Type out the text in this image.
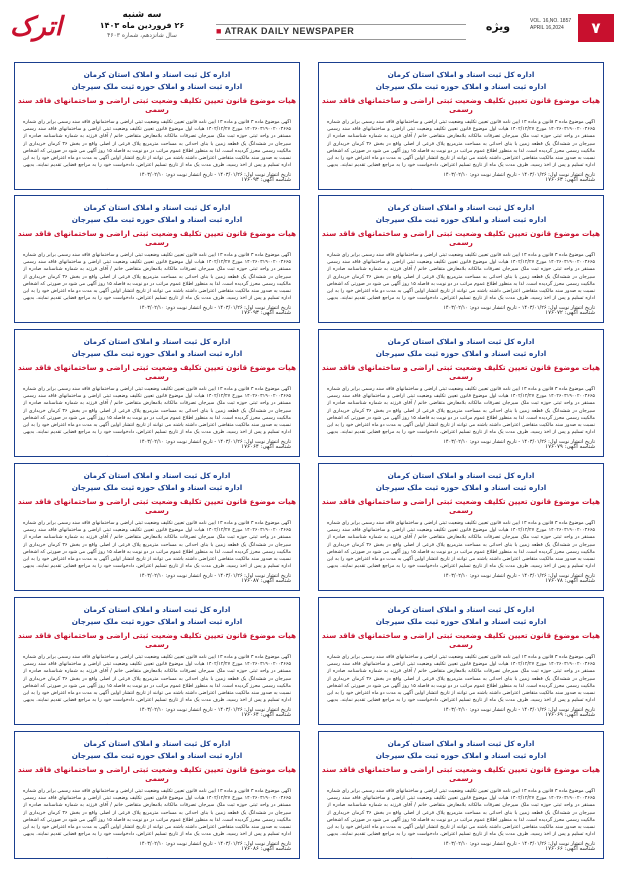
اترک	سه شنبه
۲۶ فروردین ماه ۱۴۰۳
سال شانزدهم، شماره ۴۶۰۳	■ ATRAK DAILY NEWSPAPER	ویژه	VOL. 16,NO. 1857
APRIL 16,2024	۷
اداره کل ثبت اسناد و املاک استان کرمان
اداره ثبت اسناد و املاک حوزه ثبت ملک سیرجان
هیات موضوع قانون تعیین تکلیف وضعیت ثبتی اراضی و ساختمانهای فاقد سند رسمی
آگهی موضوع ماده ۳ قانون و ماده ۱۳ آیین نامه قانون تعیین تکلیف وضعیت ثبتی اراضی و ساختمانهای فاقد سند رسمی برابر رای شماره ۱۴۰۲۶۰۳۱۹۰۰۲۰۰۳۶۶۵ مورخ ۱۴۰۲/۱۲/۲۷ هیات اول موضوع قانون تعیین تکلیف وضعیت ثبتی اراضی و ساختمانهای فاقد سند رسمی مستقر در واحد ثبتی حوزه ثبت ملک سیرجان تصرفات مالکانه بلامعارض متقاضی خانم / آقای فرزند به شماره شناسنامه صادره از سیرجان در ششدانگ یک قطعه زمین با بنای احداثی به مساحت مترمربع پلاک فرعی از اصلی واقع در بخش ۳۶ کرمان خریداری از مالکیت رسمی محرز گردیده است. لذا به منظور اطلاع عموم مراتب در دو نوبت به فاصله ۱۵ روز آگهی می شود در صورتی که اشخاص نسبت به صدور سند مالکیت متقاضی اعتراضی داشته باشند می توانند از تاریخ انتشار اولین آگهی به مدت دو ماه اعتراض خود را به این اداره تسلیم و پس از اخذ رسید، ظرف مدت یک ماه از تاریخ تسلیم اعتراض، دادخواست خود را به مراجع قضایی تقدیم نمایند. بدیهی
تاریخ انتشار نوبت اول: ۱۴۰۳/۰۱/۲۶ - تاریخ انتشار نوبت دوم: ۱۴۰۳/۰۲/۱۰
شناسه آگهی: ۱۷۶۰۶۳
اداره کل ثبت اسناد و املاک استان کرمان
اداره ثبت اسناد و املاک حوزه ثبت ملک سیرجان
هیات موضوع قانون تعیین تکلیف وضعیت ثبتی اراضی و ساختمانهای فاقد سند رسمی
آگهی موضوع ماده ۳ قانون و ماده ۱۳ آیین نامه قانون تعیین تکلیف وضعیت ثبتی اراضی و ساختمانهای فاقد سند رسمی برابر رای شماره ۱۴۰۲۶۰۳۱۹۰۰۲۰۰۳۶۶۵ مورخ ۱۴۰۲/۱۲/۲۷ هیات اول موضوع قانون تعیین تکلیف وضعیت ثبتی اراضی و ساختمانهای فاقد سند رسمی مستقر در واحد ثبتی حوزه ثبت ملک سیرجان تصرفات مالکانه بلامعارض متقاضی خانم / آقای فرزند به شماره شناسنامه صادره از سیرجان در ششدانگ یک قطعه زمین با بنای احداثی به مساحت مترمربع پلاک فرعی از اصلی واقع در بخش ۳۶ کرمان خریداری از مالکیت رسمی محرز گردیده است. لذا به منظور اطلاع عموم مراتب در دو نوبت به فاصله ۱۵ روز آگهی می شود در صورتی که اشخاص نسبت به صدور سند مالکیت متقاضی اعتراضی داشته باشند می توانند از تاریخ انتشار اولین آگهی به مدت دو ماه اعتراض خود را به این اداره تسلیم و پس از اخذ رسید، ظرف مدت یک ماه از تاریخ تسلیم اعتراض، دادخواست خود را به مراجع قضایی تقدیم نمایند. بدیهی
تاریخ انتشار نوبت اول: ۱۴۰۳/۰۱/۲۶ - تاریخ انتشار نوبت دوم: ۱۴۰۳/۰۲/۱۰
شناسه آگهی: ۱۷۶۰۹۳
اداره کل ثبت اسناد و املاک استان کرمان
اداره ثبت اسناد و املاک حوزه ثبت ملک سیرجان
هیات موضوع قانون تعیین تکلیف وضعیت ثبتی اراضی و ساختمانهای فاقد سند رسمی
آگهی موضوع ماده ۳ قانون و ماده ۱۳ آیین نامه قانون تعیین تکلیف وضعیت ثبتی اراضی و ساختمانهای فاقد سند رسمی برابر رای شماره ۱۴۰۲۶۰۳۱۹۰۰۲۰۰۳۶۶۵ مورخ ۱۴۰۲/۱۲/۲۷ هیات اول موضوع قانون تعیین تکلیف وضعیت ثبتی اراضی و ساختمانهای فاقد سند رسمی مستقر در واحد ثبتی حوزه ثبت ملک سیرجان تصرفات مالکانه بلامعارض متقاضی خانم / آقای فرزند به شماره شناسنامه صادره از سیرجان در ششدانگ یک قطعه زمین با بنای احداثی به مساحت مترمربع پلاک فرعی از اصلی واقع در بخش ۳۶ کرمان خریداری از مالکیت رسمی محرز گردیده است. لذا به منظور اطلاع عموم مراتب در دو نوبت به فاصله ۱۵ روز آگهی می شود در صورتی که اشخاص نسبت به صدور سند مالکیت متقاضی اعتراضی داشته باشند می توانند از تاریخ انتشار اولین آگهی به مدت دو ماه اعتراض خود را به این اداره تسلیم و پس از اخذ رسید، ظرف مدت یک ماه از تاریخ تسلیم اعتراض، دادخواست خود را به مراجع قضایی تقدیم نمایند. بدیهی
تاریخ انتشار نوبت اول: ۱۴۰۳/۰۱/۲۶ - تاریخ انتشار نوبت دوم: ۱۴۰۳/۰۲/۱۰
شناسه آگهی: ۱۷۶۰۷۲
اداره کل ثبت اسناد و املاک استان کرمان
اداره ثبت اسناد و املاک حوزه ثبت ملک سیرجان
هیات موضوع قانون تعیین تکلیف وضعیت ثبتی اراضی و ساختمانهای فاقد سند رسمی
آگهی موضوع ماده ۳ قانون و ماده ۱۳ آیین نامه قانون تعیین تکلیف وضعیت ثبتی اراضی و ساختمانهای فاقد سند رسمی برابر رای شماره ۱۴۰۲۶۰۳۱۹۰۰۲۰۰۳۶۶۵ مورخ ۱۴۰۲/۱۲/۲۷ هیات اول موضوع قانون تعیین تکلیف وضعیت ثبتی اراضی و ساختمانهای فاقد سند رسمی مستقر در واحد ثبتی حوزه ثبت ملک سیرجان تصرفات مالکانه بلامعارض متقاضی خانم / آقای فرزند به شماره شناسنامه صادره از سیرجان در ششدانگ یک قطعه زمین با بنای احداثی به مساحت مترمربع پلاک فرعی از اصلی واقع در بخش ۳۶ کرمان خریداری از مالکیت رسمی محرز گردیده است. لذا به منظور اطلاع عموم مراتب در دو نوبت به فاصله ۱۵ روز آگهی می شود در صورتی که اشخاص نسبت به صدور سند مالکیت متقاضی اعتراضی داشته باشند می توانند از تاریخ انتشار اولین آگهی به مدت دو ماه اعتراض خود را به این اداره تسلیم و پس از اخذ رسید، ظرف مدت یک ماه از تاریخ تسلیم اعتراض، دادخواست خود را به مراجع قضایی تقدیم نمایند. بدیهی
تاریخ انتشار نوبت اول: ۱۴۰۳/۰۱/۲۶ - تاریخ انتشار نوبت دوم: ۱۴۰۳/۰۲/۱۰
شناسه آگهی: ۱۷۶۰۹۳
اداره کل ثبت اسناد و املاک استان کرمان
اداره ثبت اسناد و املاک حوزه ثبت ملک سیرجان
هیات موضوع قانون تعیین تکلیف وضعیت ثبتی اراضی و ساختمانهای فاقد سند رسمی
آگهی موضوع ماده ۳ قانون و ماده ۱۳ آیین نامه قانون تعیین تکلیف وضعیت ثبتی اراضی و ساختمانهای فاقد سند رسمی برابر رای شماره ۱۴۰۲۶۰۳۱۹۰۰۲۰۰۳۶۶۵ مورخ ۱۴۰۲/۱۲/۲۷ هیات اول موضوع قانون تعیین تکلیف وضعیت ثبتی اراضی و ساختمانهای فاقد سند رسمی مستقر در واحد ثبتی حوزه ثبت ملک سیرجان تصرفات مالکانه بلامعارض متقاضی خانم / آقای فرزند به شماره شناسنامه صادره از سیرجان در ششدانگ یک قطعه زمین با بنای احداثی به مساحت مترمربع پلاک فرعی از اصلی واقع در بخش ۳۶ کرمان خریداری از مالکیت رسمی محرز گردیده است. لذا به منظور اطلاع عموم مراتب در دو نوبت به فاصله ۱۵ روز آگهی می شود در صورتی که اشخاص نسبت به صدور سند مالکیت متقاضی اعتراضی داشته باشند می توانند از تاریخ انتشار اولین آگهی به مدت دو ماه اعتراض خود را به این اداره تسلیم و پس از اخذ رسید، ظرف مدت یک ماه از تاریخ تسلیم اعتراض، دادخواست خود را به مراجع قضایی تقدیم نمایند. بدیهی
تاریخ انتشار نوبت اول: ۱۴۰۳/۰۱/۲۶ - تاریخ انتشار نوبت دوم: ۱۴۰۳/۰۲/۱۰
شناسه آگهی: ۱۷۶۰۷۹
اداره کل ثبت اسناد و املاک استان کرمان
اداره ثبت اسناد و املاک حوزه ثبت ملک سیرجان
هیات موضوع قانون تعیین تکلیف وضعیت ثبتی اراضی و ساختمانهای فاقد سند رسمی
آگهی موضوع ماده ۳ قانون و ماده ۱۳ آیین نامه قانون تعیین تکلیف وضعیت ثبتی اراضی و ساختمانهای فاقد سند رسمی برابر رای شماره ۱۴۰۲۶۰۳۱۹۰۰۲۰۰۳۶۶۵ مورخ ۱۴۰۲/۱۲/۲۷ هیات اول موضوع قانون تعیین تکلیف وضعیت ثبتی اراضی و ساختمانهای فاقد سند رسمی مستقر در واحد ثبتی حوزه ثبت ملک سیرجان تصرفات مالکانه بلامعارض متقاضی خانم / آقای فرزند به شماره شناسنامه صادره از سیرجان در ششدانگ یک قطعه زمین با بنای احداثی به مساحت مترمربع پلاک فرعی از اصلی واقع در بخش ۳۶ کرمان خریداری از مالکیت رسمی محرز گردیده است. لذا به منظور اطلاع عموم مراتب در دو نوبت به فاصله ۱۵ روز آگهی می شود در صورتی که اشخاص نسبت به صدور سند مالکیت متقاضی اعتراضی داشته باشند می توانند از تاریخ انتشار اولین آگهی به مدت دو ماه اعتراض خود را به این اداره تسلیم و پس از اخذ رسید، ظرف مدت یک ماه از تاریخ تسلیم اعتراض، دادخواست خود را به مراجع قضایی تقدیم نمایند. بدیهی
تاریخ انتشار نوبت اول: ۱۴۰۳/۰۱/۲۶ - تاریخ انتشار نوبت دوم: ۱۴۰۳/۰۲/۱۰
شناسه آگهی: ۱۷۶۰۶۴
اداره کل ثبت اسناد و املاک استان کرمان
اداره ثبت اسناد و املاک حوزه ثبت ملک سیرجان
هیات موضوع قانون تعیین تکلیف وضعیت ثبتی اراضی و ساختمانهای فاقد سند رسمی
آگهی موضوع ماده ۳ قانون و ماده ۱۳ آیین نامه قانون تعیین تکلیف وضعیت ثبتی اراضی و ساختمانهای فاقد سند رسمی برابر رای شماره ۱۴۰۲۶۰۳۱۹۰۰۲۰۰۳۶۶۵ مورخ ۱۴۰۲/۱۲/۲۷ هیات اول موضوع قانون تعیین تکلیف وضعیت ثبتی اراضی و ساختمانهای فاقد سند رسمی مستقر در واحد ثبتی حوزه ثبت ملک سیرجان تصرفات مالکانه بلامعارض متقاضی خانم / آقای فرزند به شماره شناسنامه صادره از سیرجان در ششدانگ یک قطعه زمین با بنای احداثی به مساحت مترمربع پلاک فرعی از اصلی واقع در بخش ۳۶ کرمان خریداری از مالکیت رسمی محرز گردیده است. لذا به منظور اطلاع عموم مراتب در دو نوبت به فاصله ۱۵ روز آگهی می شود در صورتی که اشخاص نسبت به صدور سند مالکیت متقاضی اعتراضی داشته باشند می توانند از تاریخ انتشار اولین آگهی به مدت دو ماه اعتراض خود را به این اداره تسلیم و پس از اخذ رسید، ظرف مدت یک ماه از تاریخ تسلیم اعتراض، دادخواست خود را به مراجع قضایی تقدیم نمایند. بدیهی
تاریخ انتشار نوبت اول: ۱۴۰۳/۰۱/۲۶ - تاریخ انتشار نوبت دوم: ۱۴۰۳/۰۲/۱۰
شناسه آگهی: ۱۷۶۰۷۸
اداره کل ثبت اسناد و املاک استان کرمان
اداره ثبت اسناد و املاک حوزه ثبت ملک سیرجان
هیات موضوع قانون تعیین تکلیف وضعیت ثبتی اراضی و ساختمانهای فاقد سند رسمی
آگهی موضوع ماده ۳ قانون و ماده ۱۳ آیین نامه قانون تعیین تکلیف وضعیت ثبتی اراضی و ساختمانهای فاقد سند رسمی برابر رای شماره ۱۴۰۲۶۰۳۱۹۰۰۲۰۰۳۶۶۵ مورخ ۱۴۰۲/۱۲/۲۷ هیات اول موضوع قانون تعیین تکلیف وضعیت ثبتی اراضی و ساختمانهای فاقد سند رسمی مستقر در واحد ثبتی حوزه ثبت ملک سیرجان تصرفات مالکانه بلامعارض متقاضی خانم / آقای فرزند به شماره شناسنامه صادره از سیرجان در ششدانگ یک قطعه زمین با بنای احداثی به مساحت مترمربع پلاک فرعی از اصلی واقع در بخش ۳۶ کرمان خریداری از مالکیت رسمی محرز گردیده است. لذا به منظور اطلاع عموم مراتب در دو نوبت به فاصله ۱۵ روز آگهی می شود در صورتی که اشخاص نسبت به صدور سند مالکیت متقاضی اعتراضی داشته باشند می توانند از تاریخ انتشار اولین آگهی به مدت دو ماه اعتراض خود را به این اداره تسلیم و پس از اخذ رسید، ظرف مدت یک ماه از تاریخ تسلیم اعتراض، دادخواست خود را به مراجع قضایی تقدیم نمایند. بدیهی
تاریخ انتشار نوبت اول: ۱۴۰۳/۰۱/۲۶ - تاریخ انتشار نوبت دوم: ۱۴۰۳/۰۲/۱۰
شناسه آگهی: ۱۷۶۰۸۷
اداره کل ثبت اسناد و املاک استان کرمان
اداره ثبت اسناد و املاک حوزه ثبت ملک سیرجان
هیات موضوع قانون تعیین تکلیف وضعیت ثبتی اراضی و ساختمانهای فاقد سند رسمی
آگهی موضوع ماده ۳ قانون و ماده ۱۳ آیین نامه قانون تعیین تکلیف وضعیت ثبتی اراضی و ساختمانهای فاقد سند رسمی برابر رای شماره ۱۴۰۲۶۰۳۱۹۰۰۲۰۰۳۶۶۵ مورخ ۱۴۰۲/۱۲/۲۷ هیات اول موضوع قانون تعیین تکلیف وضعیت ثبتی اراضی و ساختمانهای فاقد سند رسمی مستقر در واحد ثبتی حوزه ثبت ملک سیرجان تصرفات مالکانه بلامعارض متقاضی خانم / آقای فرزند به شماره شناسنامه صادره از سیرجان در ششدانگ یک قطعه زمین با بنای احداثی به مساحت مترمربع پلاک فرعی از اصلی واقع در بخش ۳۶ کرمان خریداری از مالکیت رسمی محرز گردیده است. لذا به منظور اطلاع عموم مراتب در دو نوبت به فاصله ۱۵ روز آگهی می شود در صورتی که اشخاص نسبت به صدور سند مالکیت متقاضی اعتراضی داشته باشند می توانند از تاریخ انتشار اولین آگهی به مدت دو ماه اعتراض خود را به این اداره تسلیم و پس از اخذ رسید، ظرف مدت یک ماه از تاریخ تسلیم اعتراض، دادخواست خود را به مراجع قضایی تقدیم نمایند. بدیهی
تاریخ انتشار نوبت اول: ۱۴۰۳/۰۱/۲۶ - تاریخ انتشار نوبت دوم: ۱۴۰۳/۰۲/۱۰
شناسه آگهی: ۱۷۶۰۶۹
اداره کل ثبت اسناد و املاک استان کرمان
اداره ثبت اسناد و املاک حوزه ثبت ملک سیرجان
هیات موضوع قانون تعیین تکلیف وضعیت ثبتی اراضی و ساختمانهای فاقد سند رسمی
آگهی موضوع ماده ۳ قانون و ماده ۱۳ آیین نامه قانون تعیین تکلیف وضعیت ثبتی اراضی و ساختمانهای فاقد سند رسمی برابر رای شماره ۱۴۰۲۶۰۳۱۹۰۰۲۰۰۳۶۶۵ مورخ ۱۴۰۲/۱۲/۲۷ هیات اول موضوع قانون تعیین تکلیف وضعیت ثبتی اراضی و ساختمانهای فاقد سند رسمی مستقر در واحد ثبتی حوزه ثبت ملک سیرجان تصرفات مالکانه بلامعارض متقاضی خانم / آقای فرزند به شماره شناسنامه صادره از سیرجان در ششدانگ یک قطعه زمین با بنای احداثی به مساحت مترمربع پلاک فرعی از اصلی واقع در بخش ۳۶ کرمان خریداری از مالکیت رسمی محرز گردیده است. لذا به منظور اطلاع عموم مراتب در دو نوبت به فاصله ۱۵ روز آگهی می شود در صورتی که اشخاص نسبت به صدور سند مالکیت متقاضی اعتراضی داشته باشند می توانند از تاریخ انتشار اولین آگهی به مدت دو ماه اعتراض خود را به این اداره تسلیم و پس از اخذ رسید، ظرف مدت یک ماه از تاریخ تسلیم اعتراض، دادخواست خود را به مراجع قضایی تقدیم نمایند. بدیهی
تاریخ انتشار نوبت اول: ۱۴۰۳/۰۱/۲۶ - تاریخ انتشار نوبت دوم: ۱۴۰۳/۰۲/۱۰
شناسه آگهی: ۱۷۶۰۶۴
اداره کل ثبت اسناد و املاک استان کرمان
اداره ثبت اسناد و املاک حوزه ثبت ملک سیرجان
هیات موضوع قانون تعیین تکلیف وضعیت ثبتی اراضی و ساختمانهای فاقد سند رسمی
آگهی موضوع ماده ۳ قانون و ماده ۱۳ آیین نامه قانون تعیین تکلیف وضعیت ثبتی اراضی و ساختمانهای فاقد سند رسمی برابر رای شماره ۱۴۰۲۶۰۳۱۹۰۰۲۰۰۳۶۶۵ مورخ ۱۴۰۲/۱۲/۲۷ هیات اول موضوع قانون تعیین تکلیف وضعیت ثبتی اراضی و ساختمانهای فاقد سند رسمی مستقر در واحد ثبتی حوزه ثبت ملک سیرجان تصرفات مالکانه بلامعارض متقاضی خانم / آقای فرزند به شماره شناسنامه صادره از سیرجان در ششدانگ یک قطعه زمین با بنای احداثی به مساحت مترمربع پلاک فرعی از اصلی واقع در بخش ۳۶ کرمان خریداری از مالکیت رسمی محرز گردیده است. لذا به منظور اطلاع عموم مراتب در دو نوبت به فاصله ۱۵ روز آگهی می شود در صورتی که اشخاص نسبت به صدور سند مالکیت متقاضی اعتراضی داشته باشند می توانند از تاریخ انتشار اولین آگهی به مدت دو ماه اعتراض خود را به این اداره تسلیم و پس از اخذ رسید، ظرف مدت یک ماه از تاریخ تسلیم اعتراض، دادخواست خود را به مراجع قضایی تقدیم نمایند. بدیهی
تاریخ انتشار نوبت اول: ۱۴۰۳/۰۱/۲۶ - تاریخ انتشار نوبت دوم: ۱۴۰۳/۰۲/۱۰
شناسه آگهی: ۱۷۶۰۶۶
اداره کل ثبت اسناد و املاک استان کرمان
اداره ثبت اسناد و املاک حوزه ثبت ملک سیرجان
هیات موضوع قانون تعیین تکلیف وضعیت ثبتی اراضی و ساختمانهای فاقد سند رسمی
آگهی موضوع ماده ۳ قانون و ماده ۱۳ آیین نامه قانون تعیین تکلیف وضعیت ثبتی اراضی و ساختمانهای فاقد سند رسمی برابر رای شماره ۱۴۰۲۶۰۳۱۹۰۰۲۰۰۳۶۶۵ مورخ ۱۴۰۲/۱۲/۲۷ هیات اول موضوع قانون تعیین تکلیف وضعیت ثبتی اراضی و ساختمانهای فاقد سند رسمی مستقر در واحد ثبتی حوزه ثبت ملک سیرجان تصرفات مالکانه بلامعارض متقاضی خانم / آقای فرزند به شماره شناسنامه صادره از سیرجان در ششدانگ یک قطعه زمین با بنای احداثی به مساحت مترمربع پلاک فرعی از اصلی واقع در بخش ۳۶ کرمان خریداری از مالکیت رسمی محرز گردیده است. لذا به منظور اطلاع عموم مراتب در دو نوبت به فاصله ۱۵ روز آگهی می شود در صورتی که اشخاص نسبت به صدور سند مالکیت متقاضی اعتراضی داشته باشند می توانند از تاریخ انتشار اولین آگهی به مدت دو ماه اعتراض خود را به این اداره تسلیم و پس از اخذ رسید، ظرف مدت یک ماه از تاریخ تسلیم اعتراض، دادخواست خود را به مراجع قضایی تقدیم نمایند. بدیهی
تاریخ انتشار نوبت اول: ۱۴۰۳/۰۱/۲۶ - تاریخ انتشار نوبت دوم: ۱۴۰۳/۰۲/۱۰
شناسه آگهی: ۱۷۶۰۸۶
